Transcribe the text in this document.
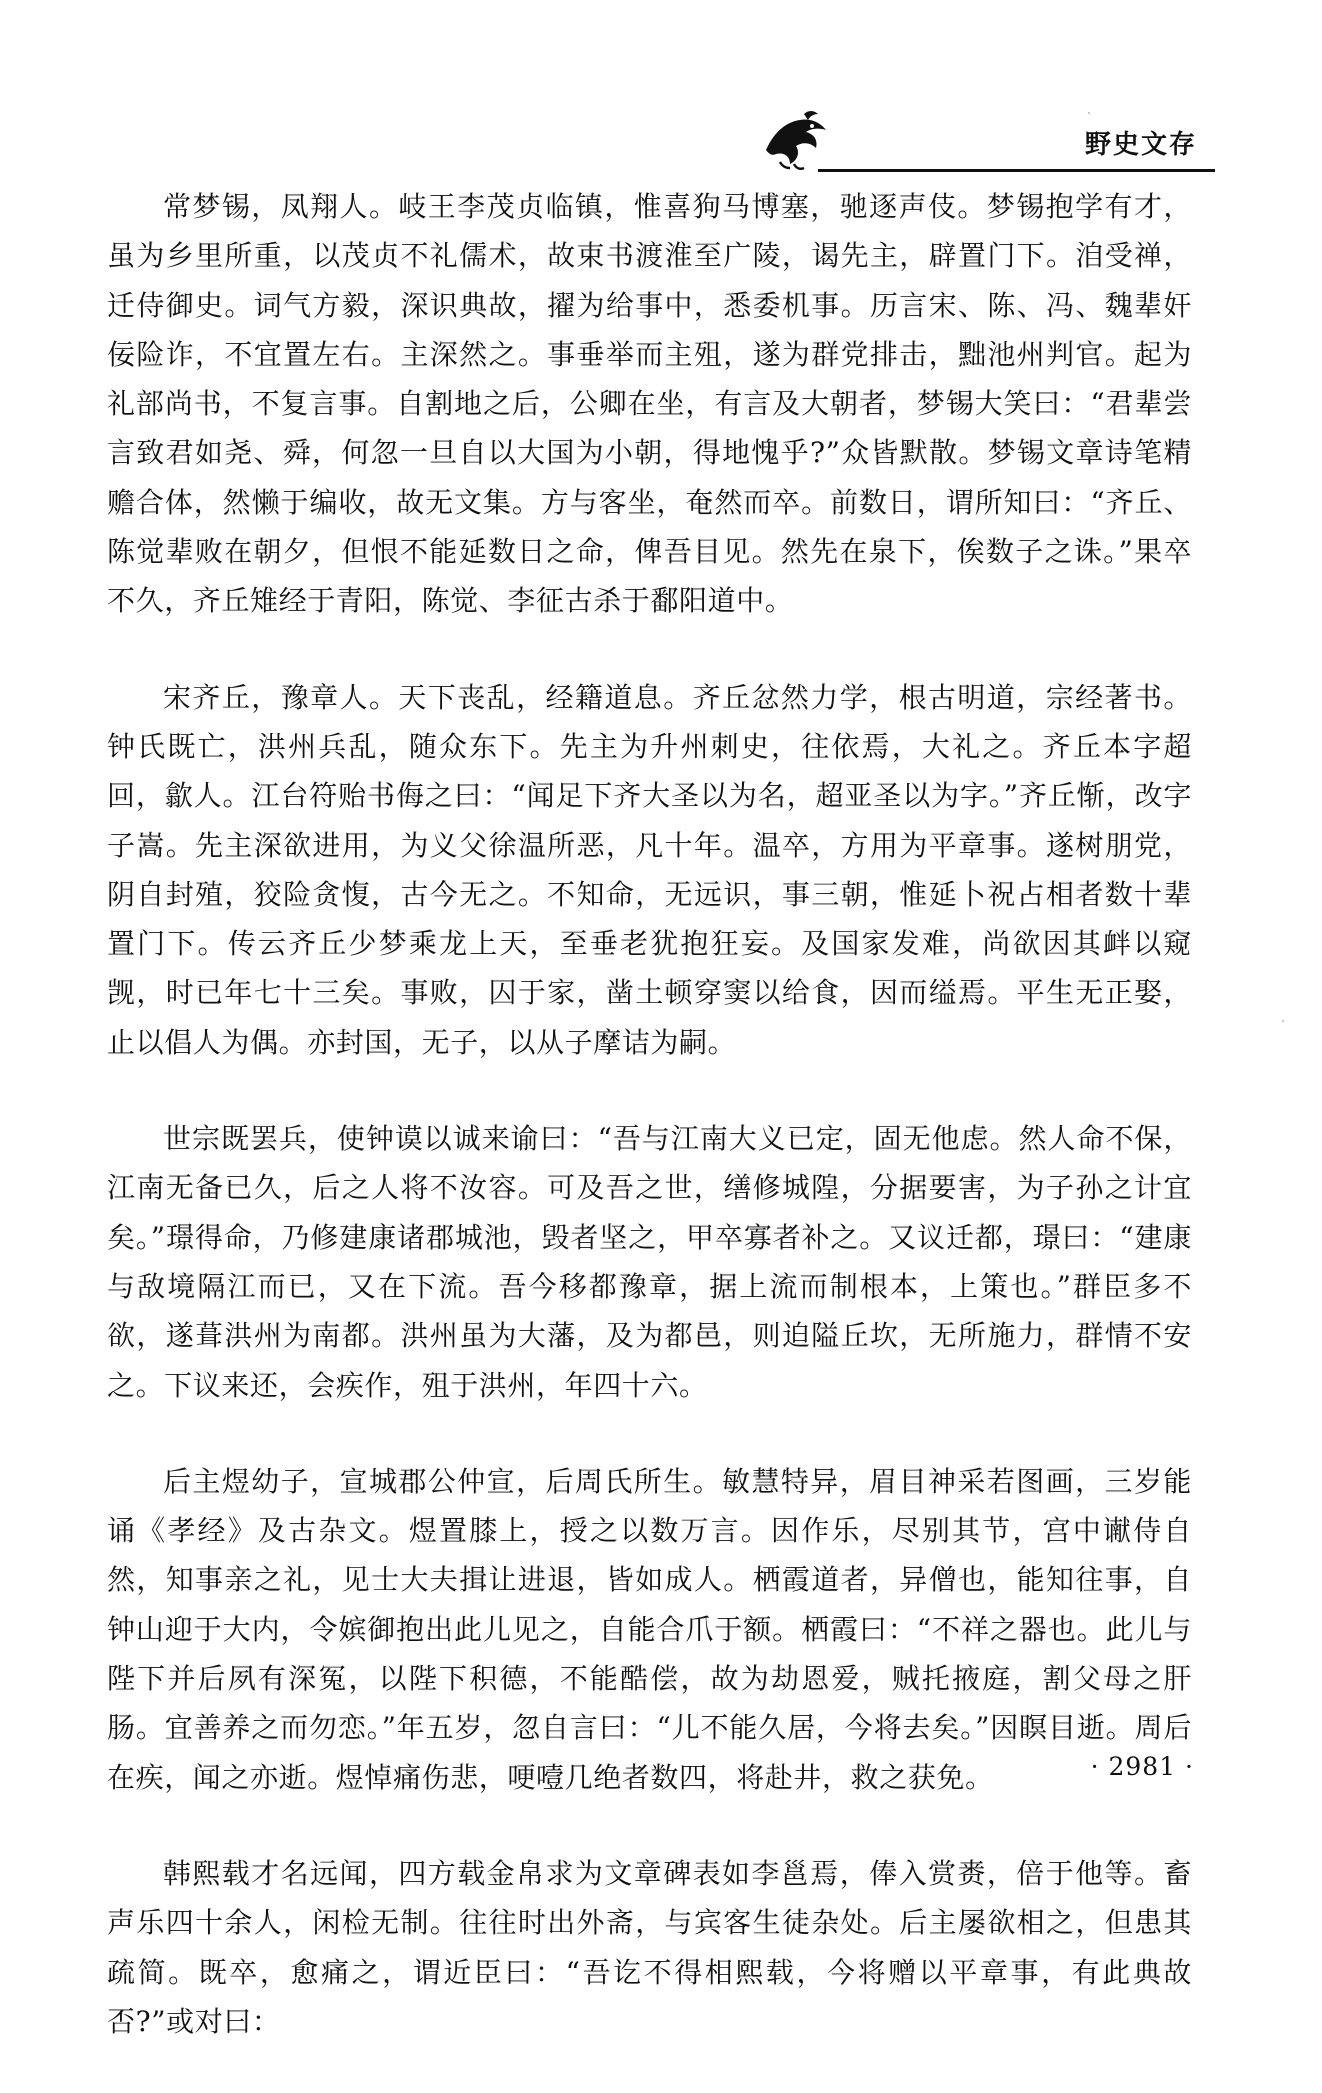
野史文存

常梦锡，凤翔人。岐王李茂贞临镇，惟喜狗马博塞，驰逐声伎。梦锡抱学有才，虽为乡里所重，以茂贞不礼儒术，故束书渡淮至广陵，谒先主，辟置门下。洎受禅，迁侍御史。词气方毅，深识典故，擢为给事中，悉委机事。历言宋、陈、冯、魏辈奸佞险诈，不宜置左右。主深然之。事垂举而主殂，遂为群党排击，黜池州判官。起为礼部尚书，不复言事。自割地之后，公卿在坐，有言及大朝者，梦锡大笑曰：“君辈尝言致君如尧、舜，何忽一旦自以大国为小朝，得地愧乎?”众皆默散。梦锡文章诗笔精赡合体，然懒于编收，故无文集。方与客坐，奄然而卒。前数日，谓所知曰：“齐丘、陈觉辈败在朝夕，但恨不能延数日之命，俾吾目见。然先在泉下，俟数子之诛。”果卒不久，齐丘雉经于青阳，陈觉、李征古杀于鄱阳道中。

宋齐丘，豫章人。天下丧乱，经籍道息。齐丘忿然力学，根古明道，宗经著书。钟氏既亡，洪州兵乱，随众东下。先主为升州刺史，往依焉，大礼之。齐丘本字超回，歙人。江台符贻书侮之曰：“闻足下齐大圣以为名，超亚圣以为字。”齐丘惭，改字子嵩。先主深欲进用，为义父徐温所恶，凡十年。温卒，方用为平章事。遂树朋党，阴自封殖，狡险贪愎，古今无之。不知命，无远识，事三朝，惟延卜祝占相者数十辈置门下。传云齐丘少梦乘龙上天，至垂老犹抱狂妄。及国家发难，尚欲因其衅以窥觊，时已年七十三矣。事败，囚于家，凿土顿穿窦以给食，因而缢焉。平生无正娶，止以倡人为偶。亦封国，无子，以从子摩诘为嗣。

世宗既罢兵，使钟谟以诚来谕曰：“吾与江南大义已定，固无他虑。然人命不保，江南无备已久，后之人将不汝容。可及吾之世，缮修城隍，分据要害，为子孙之计宜矣。”璟得命，乃修建康诸郡城池，毁者坚之，甲卒寡者补之。又议迁都，璟曰：“建康与敌境隔江而已，又在下流。吾今移都豫章，据上流而制根本，上策也。”群臣多不欲，遂葺洪州为南都。洪州虽为大藩，及为都邑，则迫隘丘坎，无所施力，群情不安之。下议来还，会疾作，殂于洪州，年四十六。

后主煜幼子，宣城郡公仲宣，后周氏所生。敏慧特异，眉目神采若图画，三岁能诵《孝经》及古杂文。煜置膝上，授之以数万言。因作乐，尽别其节，宫中谳侍自然，知事亲之礼，见士大夫揖让进退，皆如成人。栖霞道者，异僧也，能知往事，自钟山迎于大内，令嫔御抱出此儿见之，自能合爪于额。栖霞曰：“不祥之器也。此儿与陛下并后夙有深冤，以陛下积德，不能酷偿，故为劫恩爱，贼托掖庭，割父母之肝肠。宜善养之而勿恋。”年五岁，忽自言曰：“儿不能久居，今将去矣。”因瞑目逝。周后在疾，闻之亦逝。煜悼痛伤悲，哽噎几绝者数四，将赴井，救之获免。

韩熙载才名远闻，四方载金帛求为文章碑表如李邕焉，俸入赏赉，倍于他等。畜声乐四十余人，闲检无制。往往时出外斋，与宾客生徒杂处。后主屡欲相之，但患其疏简。既卒，愈痛之，谓近臣曰：“吾讫不得相熙载，今将赠以平章事，有此典故否?”或对曰：

· 2981 ·
